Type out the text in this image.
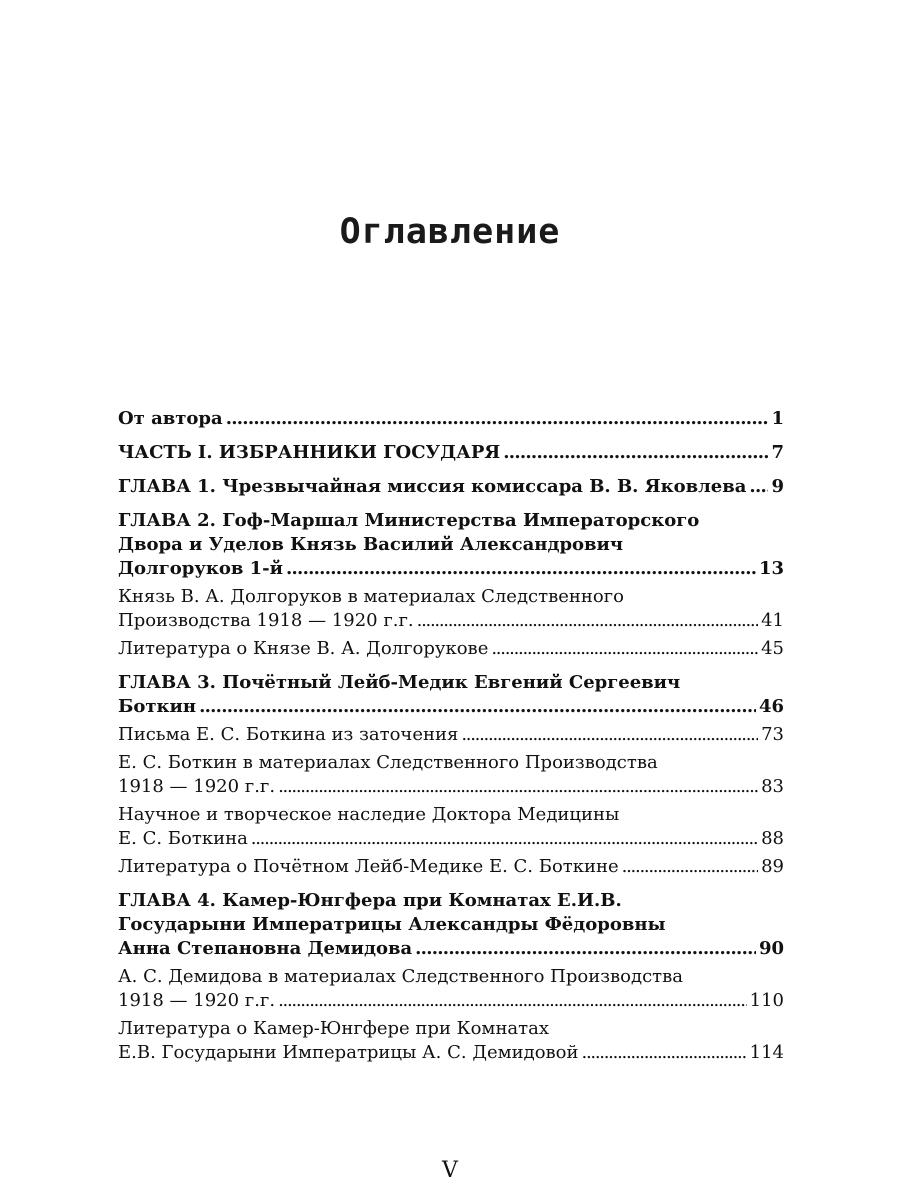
Оглавление
От автора . . .	1
ЧАСТЬ I. ИЗБРАННИКИ ГОСУДАРЯ . . .	7
ГЛАВА 1. Чрезвычайная миссия комиссара В. В. Яковлева . . . 9
ГЛАВА 2. Гоф-Маршал Министерства Императорского
Двора и Уделов Князь Василий Александрович
Долгоруков 1-й . . .	13
Князь В. А. Долгоруков в материалах Следственного
Производства 1918 — 1920 г.г. . . .	41
Литература о Князе В. А. Долгорукове . . .	45
ГЛАВА 3. Почётный Лейб-Медик Евгений Сергеевич
Боткин . . .	46
Письма Е. С. Боткина из заточения . . .	73
Е. С. Боткин в материалах Следственного Производства
1918 — 1920 г.г. . . .	83
Научное и творческое наследие Доктора Медицины
Е. С. Боткина . . .	88
Литература о Почётном Лейб-Медике Е. С. Боткине . . .	89
ГЛАВА 4. Камер-Юнгфера при Комнатах Е.И.В.
Государыни Императрицы Александры Фёдоровны
Анна Степановна Демидова . . .	90
А. С. Демидова в материалах Следственного Производства
1918 — 1920 г.г. . . .	110
Литература о Камер-Юнгфере при Комнатах
Е.В. Государыни Императрицы А. С. Демидовой . . .	114
V
